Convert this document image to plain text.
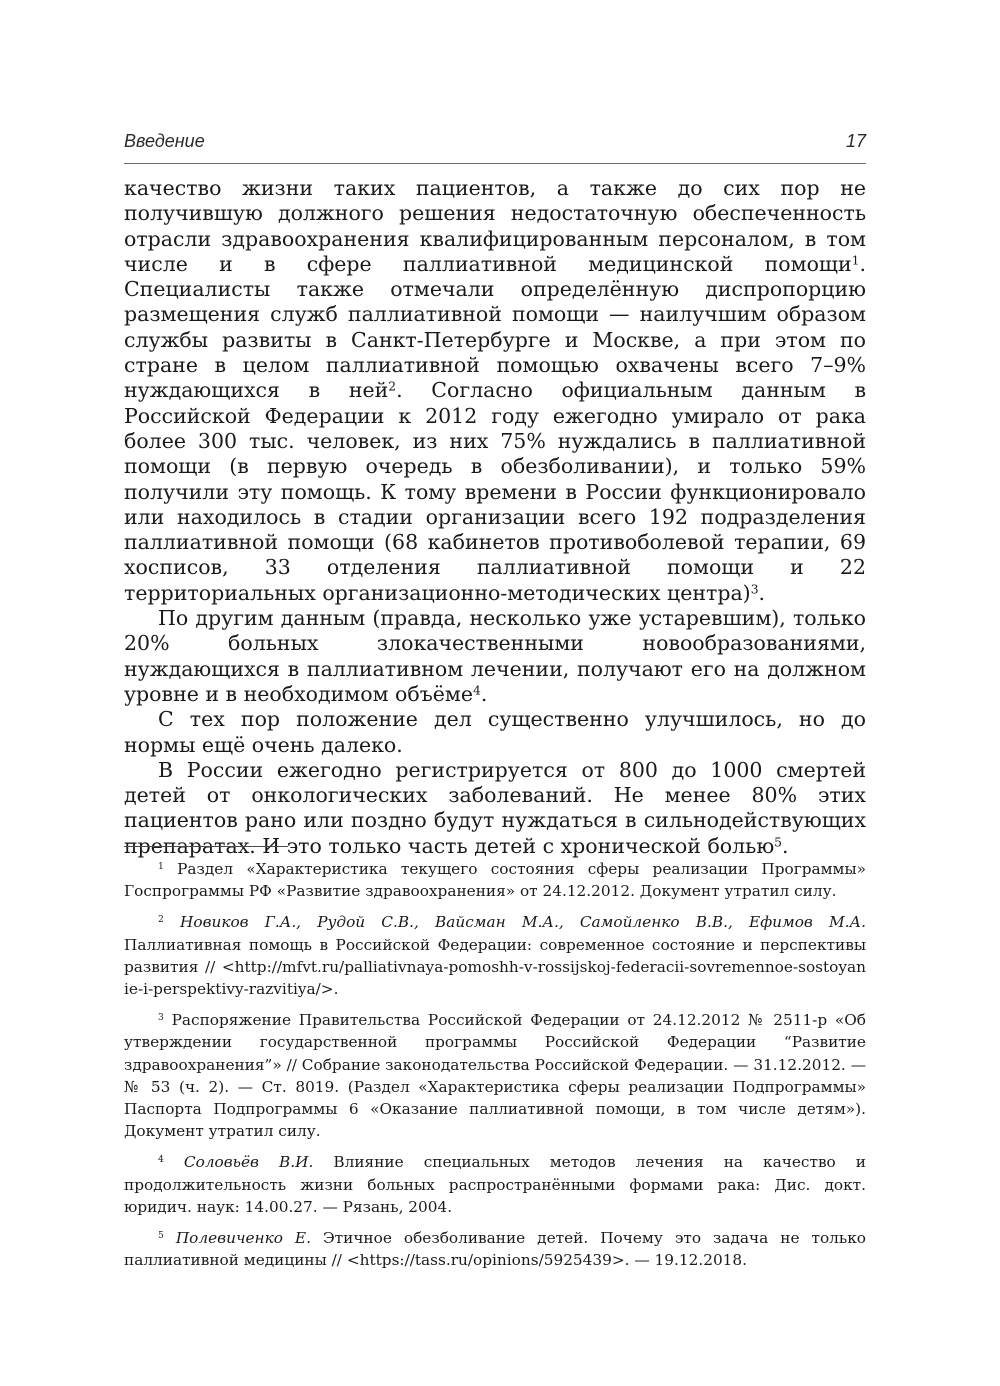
Введение	17

качество жизни таких пациентов, а также до сих пор не получившую должного решения недостаточную обеспеченность отрасли здравоохранения квалифицированным персоналом, в том числе и в сфере паллиативной медицинской помощи$^1$. Специалисты также отмечали определённую диспропорцию размещения служб паллиативной помощи — наилучшим образом службы развиты в Санкт-Петербурге и Москве, а при этом по стране в целом паллиативной помощью охвачены всего 7–9% нуждающихся в ней$^2$. Согласно официальным данным в Российской Федерации к 2012 году ежегодно умирало от рака более 300 тыс. человек, из них 75% нуждались в паллиативной помощи (в первую очередь в обезболивании), и только 59% получили эту помощь. К тому времени в России функционировало или находилось в стадии организации всего 192 подразделения паллиативной помощи (68 кабинетов противоболевой терапии, 69 хосписов, 33 отделения паллиативной помощи и 22 территориальных организационно-методических центра)$^3$.

По другим данным (правда, несколько уже устаревшим), только 20% больных злокачественными новообразованиями, нуждающихся в паллиативном лечении, получают его на должном уровне и в необходимом объёме$^4$.

С тех пор положение дел существенно улучшилось, но до нормы ещё очень далеко.

В России ежегодно регистрируется от 800 до 1000 смертей детей от онкологических заболеваний. Не менее 80% этих пациентов рано или поздно будут нуждаться в сильнодействующих препаратах. И это только часть детей с хронической болью$^5$.

$^1$ Раздел «Характеристика текущего состояния сферы реализации Программы» Госпрограммы РФ «Развитие здравоохранения» от 24.12.2012. Документ утратил силу.

$^2$ Новиков Г.А., Рудой С.В., Вайсман М.А., Самойленко В.В., Ефимов М.А. Паллиативная помощь в Российской Федерации: современное состояние и перспективы развития // <http://mfvt.ru/palliativnaya-pomoshh-v-rossijskoj-federacii-sovremennoe-sostoyanie-i-perspektivy-razvitiya/>.

$^3$ Распоряжение Правительства Российской Федерации от 24.12.2012 № 2511-р «Об утверждении государственной программы Российской Федерации “Развитие здравоохранения”» // Собрание законодательства Российской Федерации. — 31.12.2012. — № 53 (ч. 2). — Ст. 8019. (Раздел «Характеристика сферы реализации Подпрограммы» Паспорта Подпрограммы 6 «Оказание паллиативной помощи, в том числе детям»). Документ утратил силу.

$^4$ Соловьёв В.И. Влияние специальных методов лечения на качество и продолжительность жизни больных распространёнными формами рака: Дис. докт. юридич. наук: 14.00.27. — Рязань, 2004.

$^5$ Полевиченко Е. Этичное обезболивание детей. Почему это задача не только паллиативной медицины // <https://tass.ru/opinions/5925439>. — 19.12.2018.
